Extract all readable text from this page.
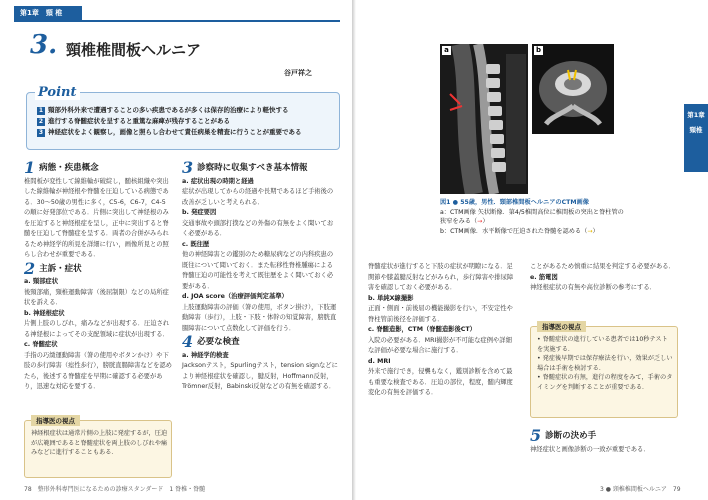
第1章　 頸 椎
3. 頸椎椎間板ヘルニア
谷戸祥之
Point
1 頸部外科外来で遭遇することの多い疾患であるが多くは保存的治療により軽快する
2 進行する脊髄症状を呈すると重篤な麻痺が残存することがある
3 神経症状をよく観察し，画像と照らし合わせて責任病巣を精査に行うことが重要である
1 病態・疾患概念
椎間板が変性して線維輪が破綻し，髄核組織や突出した線維輪が神経根や脊髄を圧迫している病態である．30〜50歳の男性に多く，C5-6，C6-7，C4-5の順に好発部位である．片側に突出して神経根のみを圧迫すると神経根症を呈し，正中に突出すると脊髄を圧迫して脊髄症を呈する．両者の合併がみられるため神経学的所見を詳細に行い，画像所見との照らし合わせが重要である．
2 主訴・症状
a. 頸部症状
後頸部痛，頸椎運動障害（後屈制限）などの局所症状を訴える．
b. 神経根症状
片側上肢のしびれ，痛みなどが出現する．圧迫される神経根によってその支配領域に症状が出現する．
c. 脊髄症状
手指の巧緻運動障害（箸の使用やボタンかけ）や下肢の歩行障害（痙性歩行），膀胱直腸障害などを認めたら，後述する脊髄症を早期に確認する必要があり，迅速な対応を要する．
指導医の視点
神経根症状は通常片側の上肢に発症するが，圧迫が広範囲であると脊髄症状を両上肢のしびれや痛みなどに進行することもある．
3 診察時に収集すべき基本情報
a. 症状出現の時期と経過
症状が出現してからの経過や長期であるほど手術後の改善が乏しいと考えられる．
b. 発症要因
交通事故や頭部打撲などの外傷の有無をよく聞いておく必要がある．
c. 既往歴
他の神経障害との鑑別のため糖尿病などの内科疾患の既往について聞いておく．また転移性脊椎腫瘍による脊髄圧迫の可能性を考えて既往歴をよく聞いておく必要がある．
d. JOA score（治療評価判定基準）
上肢運動障害の評価（箸の使用，ボタン掛け），下肢運動障害（歩行），上肢・下肢・体幹の知覚障害，膀胱直腸障害について点数化して評価を行う．
4 必要な検査
a. 神経学的検査
Jacksonテスト，Spurlingテスト，tension signなどにより神経根症状を確認し，腱反射，Hoffmann反射，Trömner反射，Babinski反射などの有無を確認する．
78　 整形外科専門医になるための診療スタンダード　1 脊椎・脊髄
a	b
図1 ● 55歳，男性．頸部椎間板ヘルニアのCTM画像
a：CTM画像 矢状断像．第4/5椎間高位に椎間板の突出と脊柱管の狭窄をみる（→）
b：CTM画像．水平断像で圧迫された脊髄を認める（→）
脊髄症状が進行すると下肢の症状が明瞭になる．足関節や膝蓋腱反射などがみられ，歩行障害や排尿障害を確認しておく必要がある．
b. 単純X線撮影
正面・側面・前後屈の機能撮影を行い，不安定性や脊柱管前後径を評価する．
c. 脊髄造影，CTM（脊髄造影後CT）
入院の必要がある．MRI撮影が不可能な症例や詳細な評価が必要な場合に施行する．
d. MRI
外来で施行でき，侵襲もなく，鑑別診断を含めて最も重要な検査である．圧迫の部位，程度，髄内輝度変化の有無を評価する．
ことがあるため慎重に結果を判定する必要がある．
e. 筋電図
神経根症状の有無や高位診断の参考にする．
指導医の視点
• 脊髄症状の進行している患者では10秒テストを実施する．
• 発症後早期では保存療法を行い，効果が乏しい場合は手術を検討する．
• 脊髄症状の有無，進行の程度をみて，手術のタイミングを判断することが重要である．
5 診断の決め手
神経症状と画像診断の一致が重要である．
第1章
頸椎
3 ● 頸椎椎間板ヘルニア　 79
